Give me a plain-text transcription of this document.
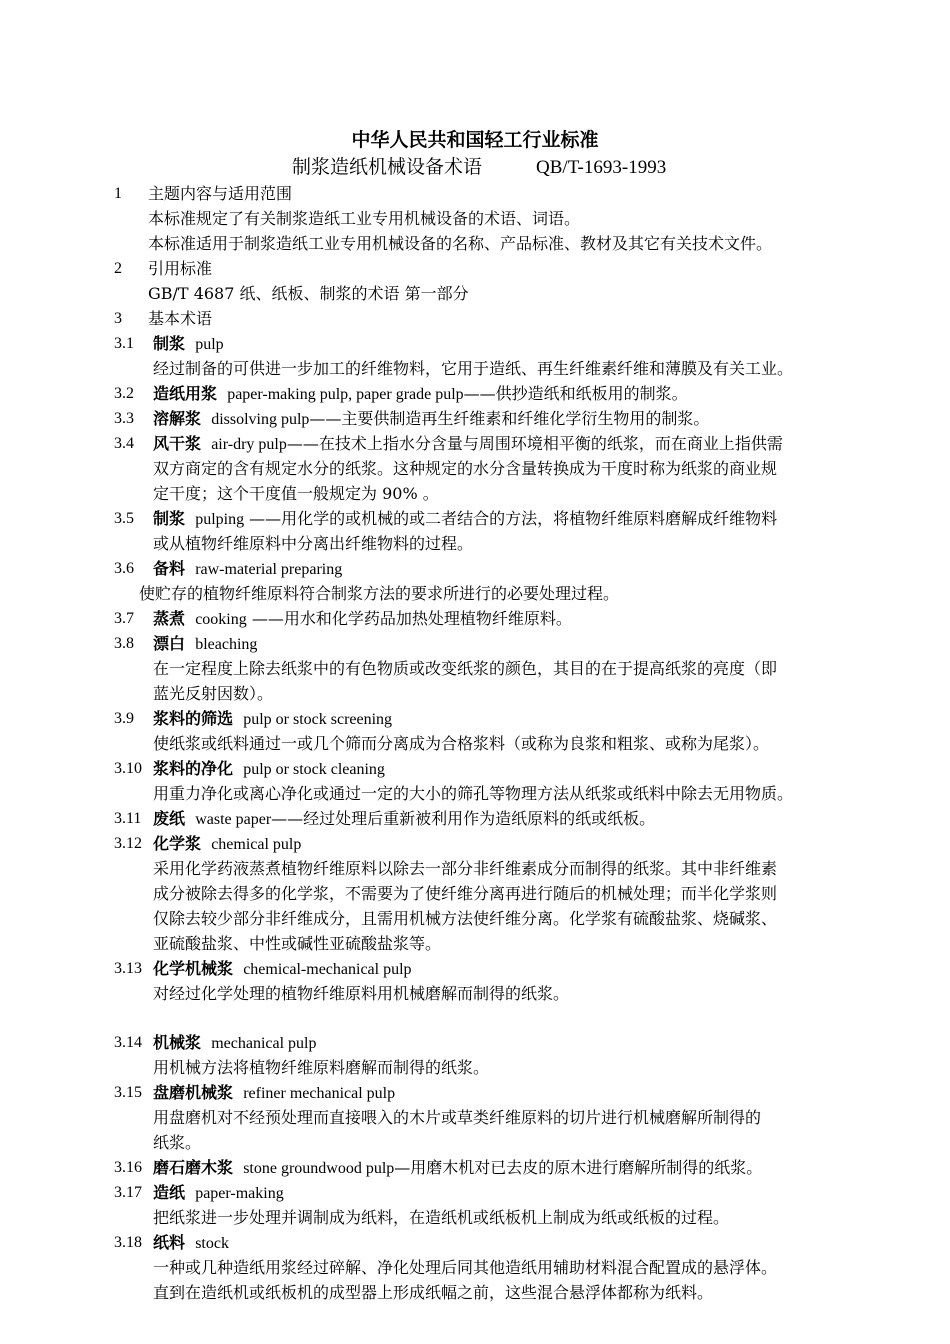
中华人民共和国轻工行业标准
制浆造纸机械设备术语	QB/T-1693-1993
1 主题内容与适用范围
本标准规定了有关制浆造纸工业专用机械设备的术语、词语。
本标准适用于制浆造纸工业专用机械设备的名称、产品标准、教材及其它有关技术文件。
2 引用标准
GB/T 4687 纸、纸板、制浆的术语 第一部分
3 基本术语
3.1 制浆 pulp
经过制备的可供进一步加工的纤维物料，它用于造纸、再生纤维素纤维和薄膜及有关工业。
3.2 造纸用浆 paper-making pulp, paper grade pulp——供抄造纸和纸板用的制浆。
3.3 溶解浆 dissolving pulp——主要供制造再生纤维素和纤维化学衍生物用的制浆。
3.4 风干浆 air-dry pulp——在技术上指水分含量与周围环境相平衡的纸浆，而在商业上指供需
双方商定的含有规定水分的纸浆。这种规定的水分含量转换成为干度时称为纸浆的商业规
定干度；这个干度值一般规定为 90% 。
3.5 制浆 pulping ——用化学的或机械的或二者结合的方法，将植物纤维原料磨解成纤维物料
或从植物纤维原料中分离出纤维物料的过程。
3.6 备料 raw-material preparing
使贮存的植物纤维原料符合制浆方法的要求所进行的必要处理过程。
3.7 蒸煮 cooking ——用水和化学药品加热处理植物纤维原料。
3.8 漂白 bleaching
在一定程度上除去纸浆中的有色物质或改变纸浆的颜色，其目的在于提高纸浆的亮度（即
蓝光反射因数）。
3.9 浆料的筛选 pulp or stock screening
使纸浆或纸料通过一或几个筛而分离成为合格浆料（或称为良浆和粗浆、或称为尾浆）。
3.10 浆料的净化 pulp or stock cleaning
用重力净化或离心净化或通过一定的大小的筛孔等物理方法从纸浆或纸料中除去无用物质。
3.11 废纸 waste paper——经过处理后重新被利用作为造纸原料的纸或纸板。
3.12 化学浆 chemical pulp
采用化学药液蒸煮植物纤维原料以除去一部分非纤维素成分而制得的纸浆。其中非纤维素
成分被除去得多的化学浆，不需要为了使纤维分离再进行随后的机械处理；而半化学浆则
仅除去较少部分非纤维成分，且需用机械方法使纤维分离。化学浆有硫酸盐浆、烧碱浆、
亚硫酸盐浆、中性或碱性亚硫酸盐浆等。
3.13 化学机械浆 chemical-mechanical pulp
对经过化学处理的植物纤维原料用机械磨解而制得的纸浆。
3.14 机械浆 mechanical pulp
用机械方法将植物纤维原料磨解而制得的纸浆。
3.15 盘磨机械浆 refiner mechanical pulp
用盘磨机对不经预处理而直接喂入的木片或草类纤维原料的切片进行机械磨解所制得的
纸浆。
3.16 磨石磨木浆 stone groundwood pulp—用磨木机对已去皮的原木进行磨解所制得的纸浆。
3.17 造纸 paper-making
把纸浆进一步处理并调制成为纸料，在造纸机或纸板机上制成为纸或纸板的过程。
3.18 纸料 stock
一种或几种造纸用浆经过碎解、净化处理后同其他造纸用辅助材料混合配置成的悬浮体。
直到在造纸机或纸板机的成型器上形成纸幅之前，这些混合悬浮体都称为纸料。
